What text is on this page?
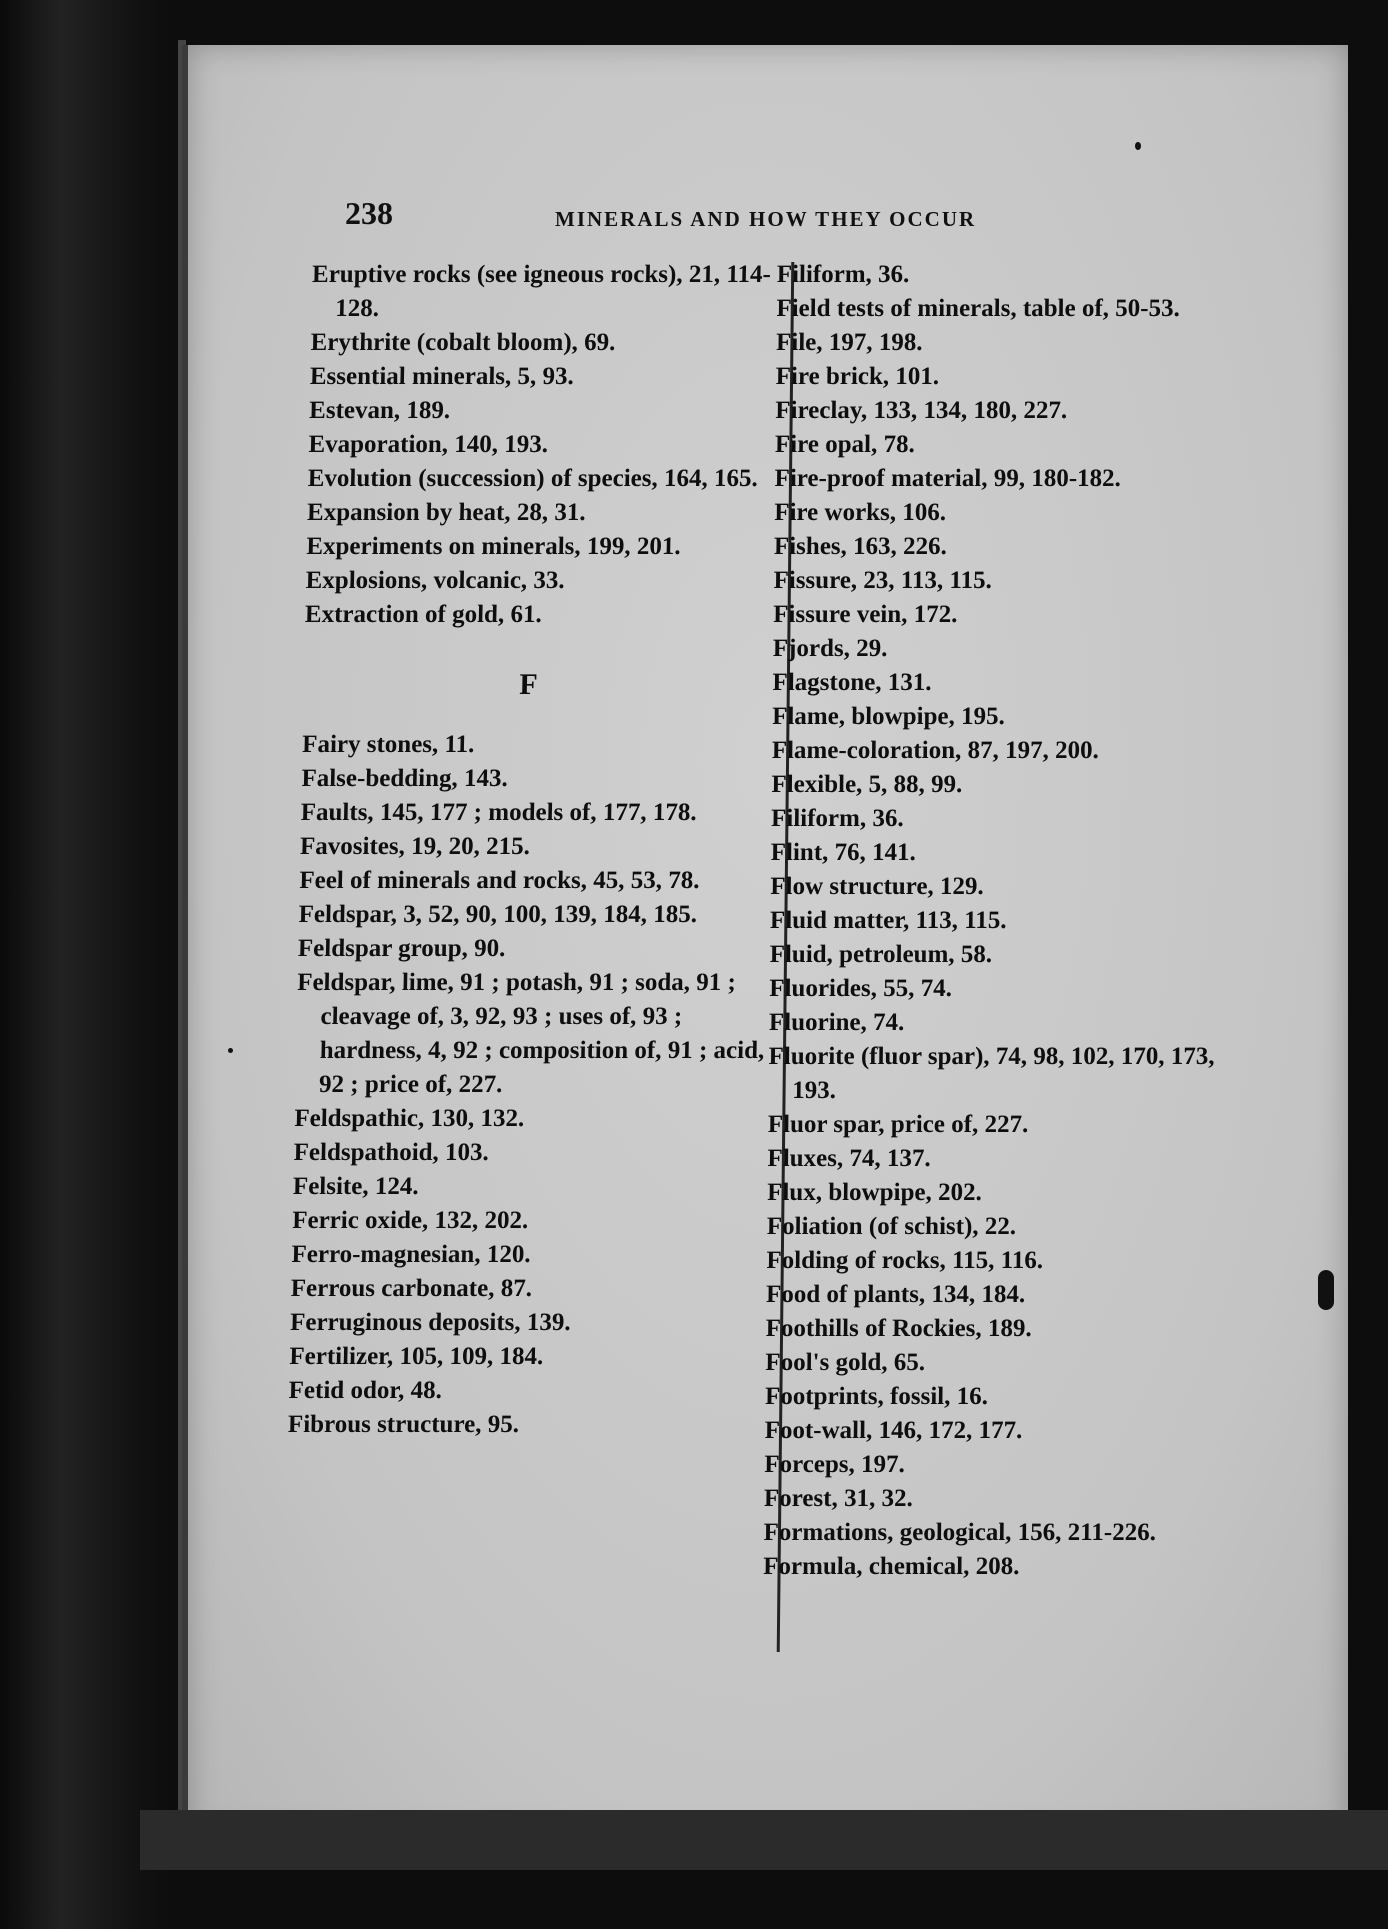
238	MINERALS AND HOW THEY OCCUR

Eruptive rocks (see igneous rocks), 21, 114-128.

Erythrite (cobalt bloom), 69.

Essential minerals, 5, 93.

Estevan, 189.

Evaporation, 140, 193.

Evolution (succession) of species, 164, 165.

Expansion by heat, 28, 31.

Experiments on minerals, 199, 201.

Explosions, volcanic, 33.

Extraction of gold, 61.

F

Fairy stones, 11.

False-bedding, 143.

Faults, 145, 177 ; models of, 177, 178.

Favosites, 19, 20, 215.

Feel of minerals and rocks, 45, 53, 78.

Feldspar, 3, 52, 90, 100, 139, 184, 185.

Feldspar group, 90.

Feldspar, lime, 91 ; potash, 91 ; soda, 91 ; cleavage of, 3, 92, 93 ; uses of, 93 ; hardness, 4, 92 ; composition of, 91 ; acid, 92 ; price of, 227.

Feldspathic, 130, 132.

Feldspathoid, 103.

Felsite, 124.

Ferric oxide, 132, 202.

Ferro-magnesian, 120.

Ferrous carbonate, 87.

Ferruginous deposits, 139.

Fertilizer, 105, 109, 184.

Fetid odor, 48.

Fibrous structure, 95.

Filiform, 36.

Field tests of minerals, table of, 50-53.

File, 197, 198.

Fire brick, 101.

Fireclay, 133, 134, 180, 227.

Fire opal, 78.

Fire-proof material, 99, 180-182.

Fire works, 106.

Fishes, 163, 226.

Fissure, 23, 113, 115.

Fissure vein, 172.

Fjords, 29.

Flagstone, 131.

Flame, blowpipe, 195.

Flame-coloration, 87, 197, 200.

Flexible, 5, 88, 99.

Filiform, 36.

Flint, 76, 141.

Flow structure, 129.

Fluid matter, 113, 115.

Fluid, petroleum, 58.

Fluorides, 55, 74.

Fluorine, 74.

Fluorite (fluor spar), 74, 98, 102, 170, 173, 193.

Fluor spar, price of, 227.

Fluxes, 74, 137.

Flux, blowpipe, 202.

Foliation (of schist), 22.

Folding of rocks, 115, 116.

Food of plants, 134, 184.

Foothills of Rockies, 189.

Fool's gold, 65.

Footprints, fossil, 16.

Foot-wall, 146, 172, 177.

Forceps, 197.

Forest, 31, 32.

Formations, geological, 156, 211-226.

Formula, chemical, 208.
